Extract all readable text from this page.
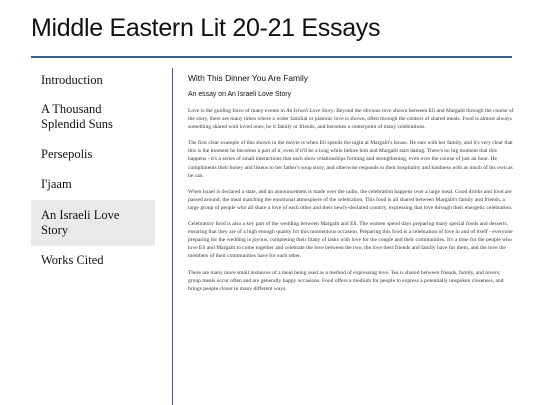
Middle Eastern Lit 20-21 Essays
Introduction
A Thousand Splendid Suns
Persepolis
I'jaam
An Israeli Love Story
Works Cited
With This Dinner You Are Family
An essay on An Israeli Love Story

Love is the guiding force of many events in An Israeli Love Story. Beyond the obvious love shown between Eli and Margalit through the course of the story, there are many times where a wider familial or platonic love is shown, often through the context of shared meals. Food is almost always something shared with loved ones, be it family or friends, and becomes a centerpoint of many celebrations.

The first clear example of this shown in the movie is when Eli spends the night at Margalit's house. He eats with her family, and it's very clear that this is the moment he becomes a part of it, even if it'll be a long while before him and Margalit start dating. There's no big moment that this happens - it's a series of small interactions that each show relationships forming and strengthening, even over the course of just an hour. He compliments their honey and listens to her father's soup story, and otherwise responds to their hospitality and kindness with as much of his own as he can.

When Israel is declared a state, and an announcement is made over the radio, the celebration happens over a large meal. Good drinks and food are passed around, the meal matching the emotional atmosphere of the celebration. This food is all shared between Margalit's family and friends, a large group of people who all share a love of each other and their newly-declared country, expressing that love through their energetic celebration.

Celebratory food is also a key part of the wedding between Margalit and Eli. The women spend days preparing many special foods and desserts, ensuring that they are of a high enough quality for this momentous occasion. Preparing this food is a celebration of love in and of itself - everyone preparing for the wedding is joyous, completing their litany of tasks with love for the couple and their communities. It's a time for the people who love Eli and Margalit to come together and celebrate the love between the two, the love their friends and family have for them, and the love the members of their communities have for each other.

There are many more small instances of a meal being used as a method of expressing love. Tea is shared between friends, family, and lovers; group meals occur often and are generally happy occasions. Food offers a medium for people to express a potentially unspoken closeness, and brings people closer in many different ways.
